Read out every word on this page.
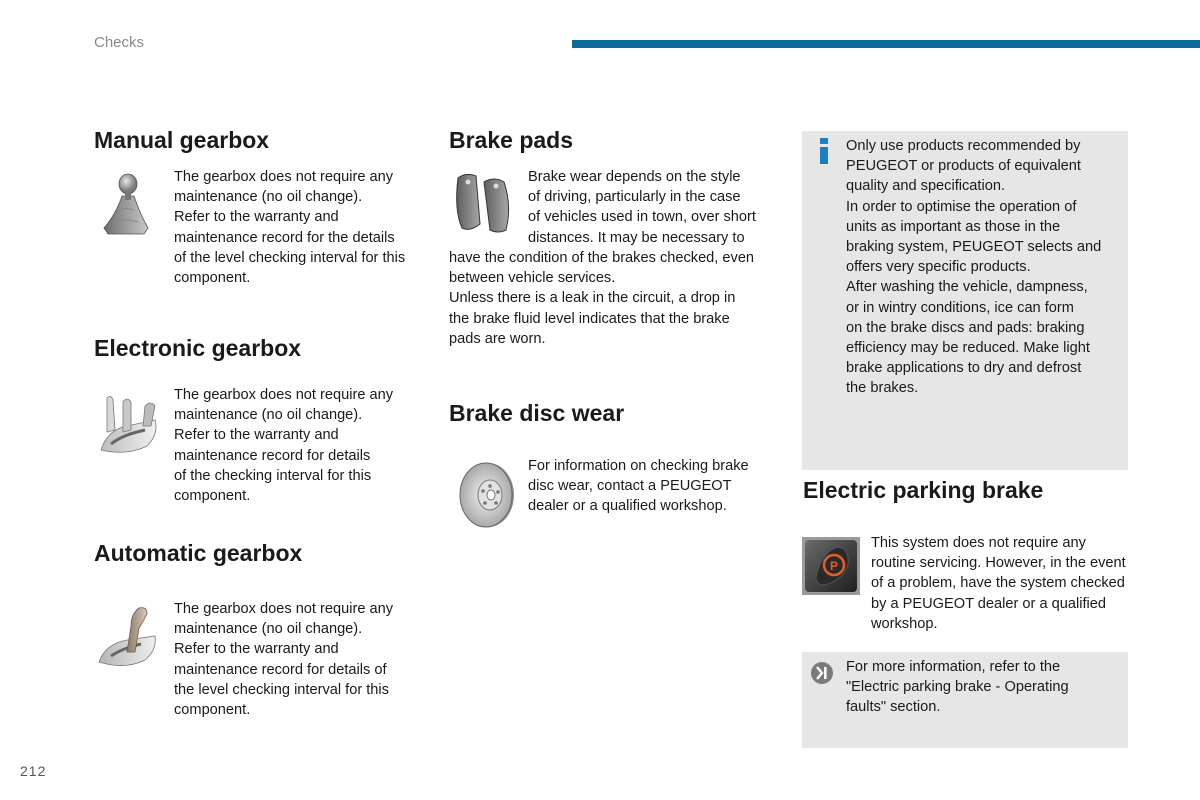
Checks
Manual gearbox

The gearbox does not require any

maintenance (no oil change).

Refer to the warranty and

maintenance record for the details

of the level checking interval for this

component.

Electronic gearbox

The gearbox does not require any

maintenance (no oil change).

Refer to the warranty and

maintenance record for details

of the checking interval for this

component.

Automatic gearbox

The gearbox does not require any

maintenance (no oil change).

Refer to the warranty and

maintenance record for details of

the level checking interval for this

component.

Brake pads

Brake wear depends on the style

of driving, particularly in the case

of vehicles used in town, over short

distances. It may be necessary to

have the condition of the brakes checked, even

between vehicle services.

Unless there is a leak in the circuit, a drop in

the brake fluid level indicates that the brake

pads are worn.

Brake disc wear

For information on checking brake

disc wear, contact a PEUGEOT

dealer or a qualified workshop.

Only use products recommended by

PEUGEOT or products of equivalent

quality and specification.

In order to optimise the operation of

units as important as those in the

braking system, PEUGEOT selects and

offers very specific products.

After washing the vehicle, dampness,

or in wintry conditions, ice can form

on the brake discs and pads: braking

efficiency may be reduced. Make light

brake applications to dry and defrost

the brakes.

Electric parking brake
P

This system does not require any

routine servicing. However, in the event

of a problem, have the system checked

by a PEUGEOT dealer or a qualified

workshop.

For more information, refer to the

"Electric parking brake - Operating

faults" section.

212
